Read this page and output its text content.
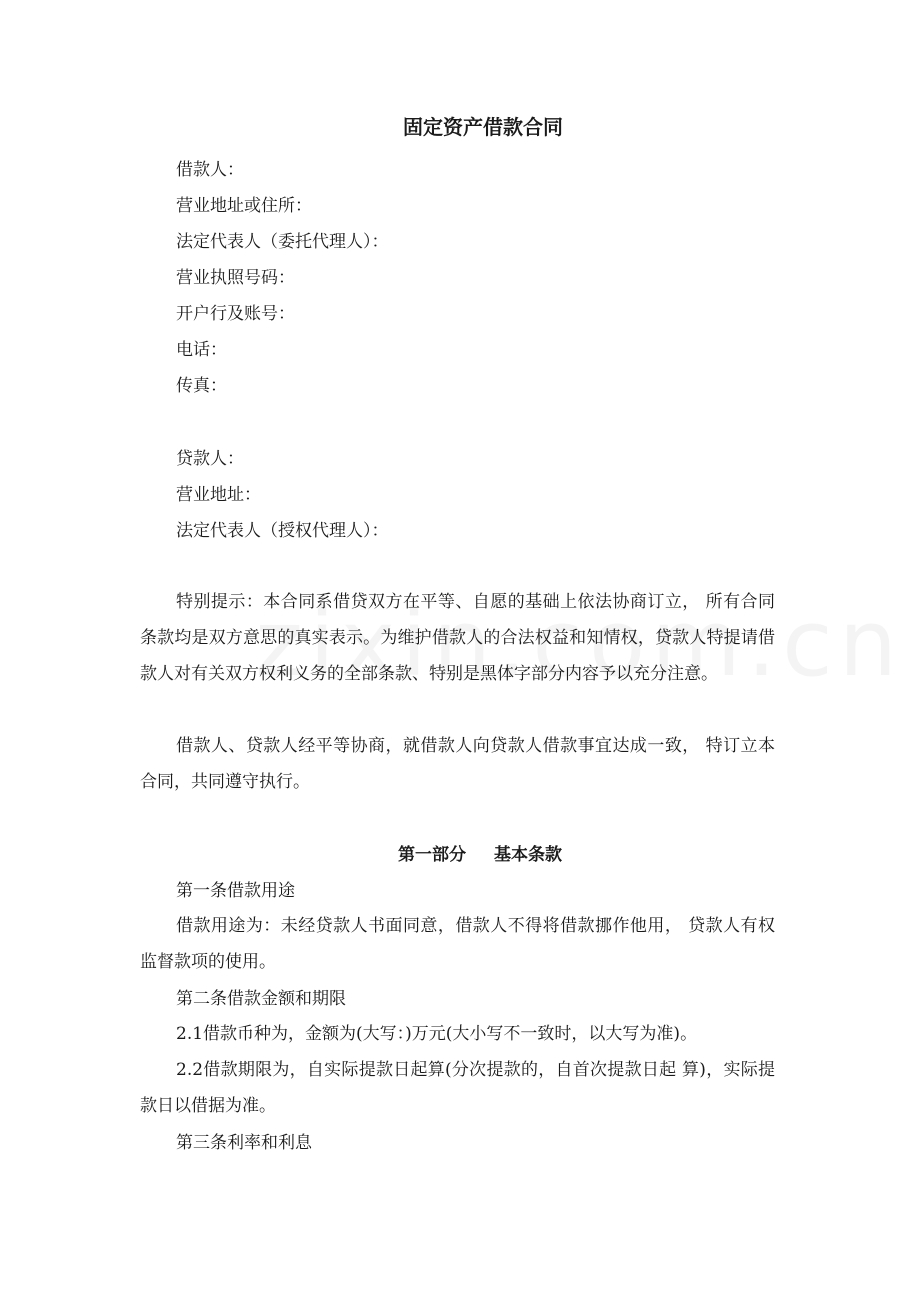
固定资产借款合同
借款人：
营业地址或住所：
法定代表人（委托代理人）：
营业执照号码：
开户行及账号：
电话：
传真：
贷款人：
营业地址：
法定代表人（授权代理人）：
特别提示：本合同系借贷双方在平等、自愿的基础上依法协商订立， 所有合同条款均是双方意思的真实表示。为维护借款人的合法权益和知情权，贷款人特提请借款人对有关双方权利义务的全部条款、特别是黑体字部分内容予以充分注意。
借款人、贷款人经平等协商，就借款人向贷款人借款事宜达成一致， 特订立本合同，共同遵守执行。
第一部分 基本条款
第一条借款用途
借款用途为：未经贷款人书面同意，借款人不得将借款挪作他用， 贷款人有权监督款项的使用。
第二条借款金额和期限
2.1借款币种为，金额为(大写：)万元(大小写不一致时，以大写为准)。
2.2借款期限为，自实际提款日起算(分次提款的，自首次提款日起 算)，实际提款日以借据为准。
第三条利率和利息
